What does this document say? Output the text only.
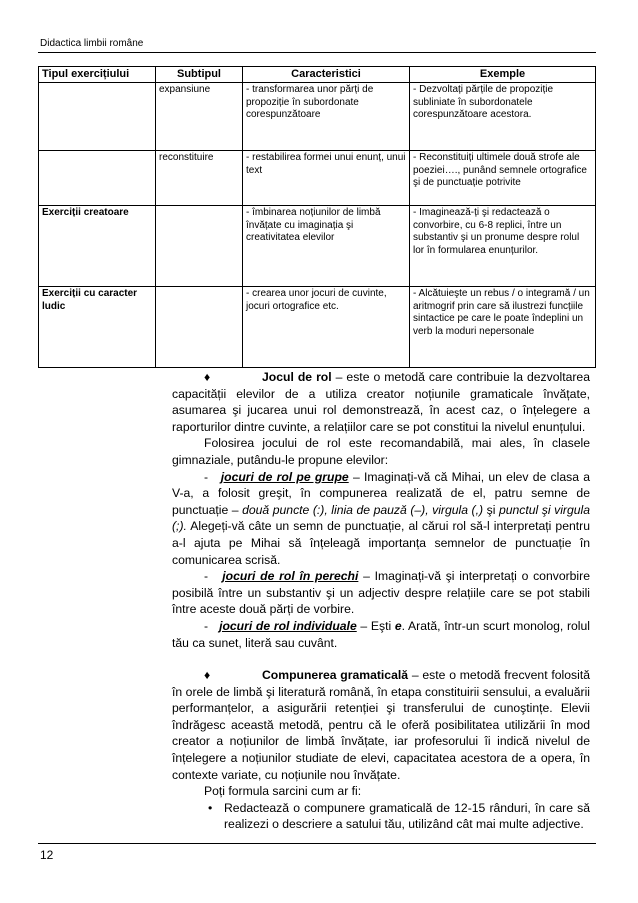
Didactica limbii române
Tipul exercițiului	Subtipul	Caracteristici	Exemple
	expansiune	- transformarea unor părți de propoziție în subordonate corespunzătoare	- Dezvoltați părțile de propoziție subliniate în subordonatele corespunzătoare acestora.
	reconstituire	- restabilirea formei unui enunț, unui text	- Reconstituiți ultimele două strofe ale poeziei…., punând semnele ortografice şi de punctuație potrivite
Exerciții creatoare		- îmbinarea noțiunilor de limbă învățate cu imaginația şi creativitatea elevilor	- Imaginează-ți şi redactează o convorbire, cu 6-8 replici, între un substantiv şi un pronume despre rolul lor în formularea enunțurilor.
Exerciții cu caracter ludic		- crearea unor jocuri de cuvinte, jocuri ortografice etc.	- Alcătuieşte un rebus / o integramă / un aritmogrif prin care să ilustrezi funcțiile sintactice pe care le poate îndeplini un verb la moduri nepersonale

♦	Jocul de rol – este o metodă care contribuie la dezvoltarea capacității elevilor de a utiliza creator noțiunile gramaticale învățate, asumarea şi jucarea unui rol demonstrează, în acest caz, o înțelegere a raporturilor dintre cuvinte, a relațiilor care se pot constitui la nivelul enunțului.

Folosirea jocului de rol este recomandabilă, mai ales, în clasele gimnaziale, putându-le propune elevilor:

- jocuri de rol pe grupe – Imaginați-vă că Mihai, un elev de clasa a V-a, a folosit greşit, în compunerea realizată de el, patru semne de punctuație – două puncte (:), linia de pauză (–), virgula (,) şi punctul şi virgula (;). Alegeți-vă câte un semn de punctuație, al cărui rol să-l interpretați pentru a-l ajuta pe Mihai să înțeleagă importanța semnelor de punctuație în comunicarea scrisă.

- jocuri de rol în perechi – Imaginați-vă şi interpretați o convorbire posibilă între un substantiv şi un adjectiv despre relațiile care se pot stabili între aceste două părți de vorbire.

- jocuri de rol individuale – Eşti e. Arată, într-un scurt monolog, rolul tău ca sunet, literă sau cuvânt.

♦	Compunerea gramaticală – este o metodă frecvent folosită în orele de limbă şi literatură română, în etapa constituirii sensului, a evaluării performanțelor, a asigurării retenției şi transferului de cunoştințe. Elevii îndrăgesc această metodă, pentru că le oferă posibilitatea utilizării în mod creator a noțiunilor de limbă învățate, iar profesorului îi indică nivelul de înțelegere a noțiunilor studiate de elevi, capacitatea acestora de a opera, în contexte variate, cu noțiunile nou învățate.

Poți formula sarcini cum ar fi:

• Redactează o compunere gramaticală de 12-15 rânduri, în care să realizezi o descriere a satului tău, utilizând cât mai multe adjective.
12
